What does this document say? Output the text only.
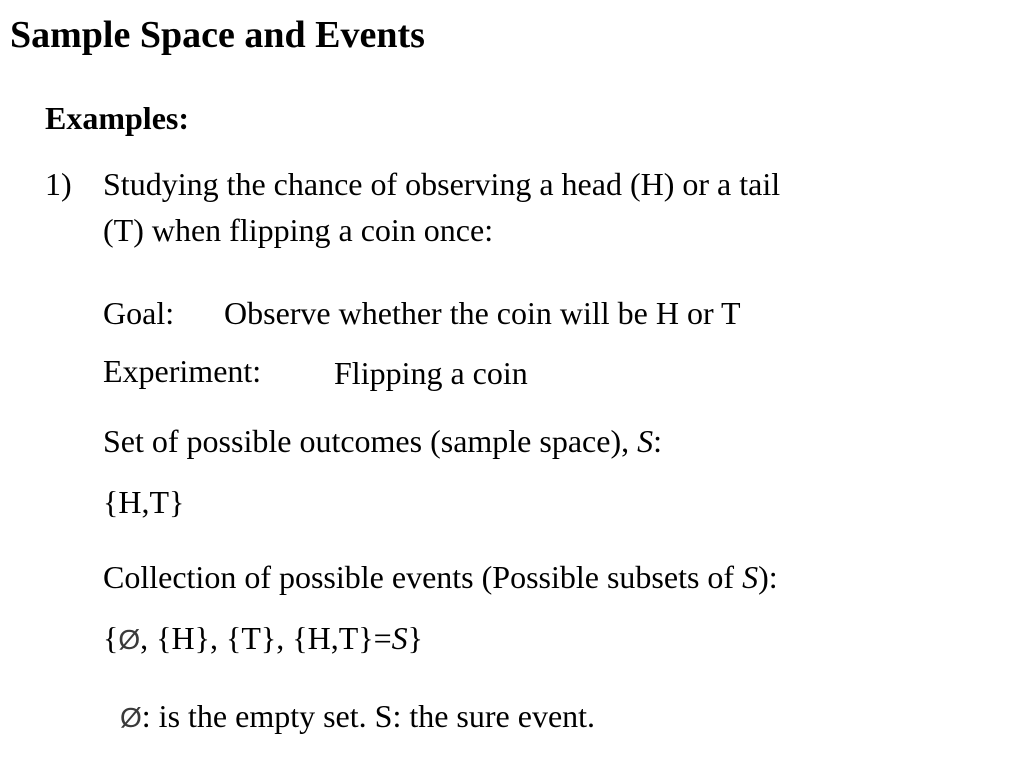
Sample Space and Events
Examples:
1) Studying the chance of observing a head (H) or a tail
(T) when flipping a coin once:
Goal: Observe whether the coin will be H or T
Experiment: Flipping a coin
Set of possible outcomes (sample space), S:
{H,T}
Collection of possible events (Possible subsets of S):
{Ø, {H}, {T}, {H,T}=S}
Ø: is the empty set. S: the sure event.
